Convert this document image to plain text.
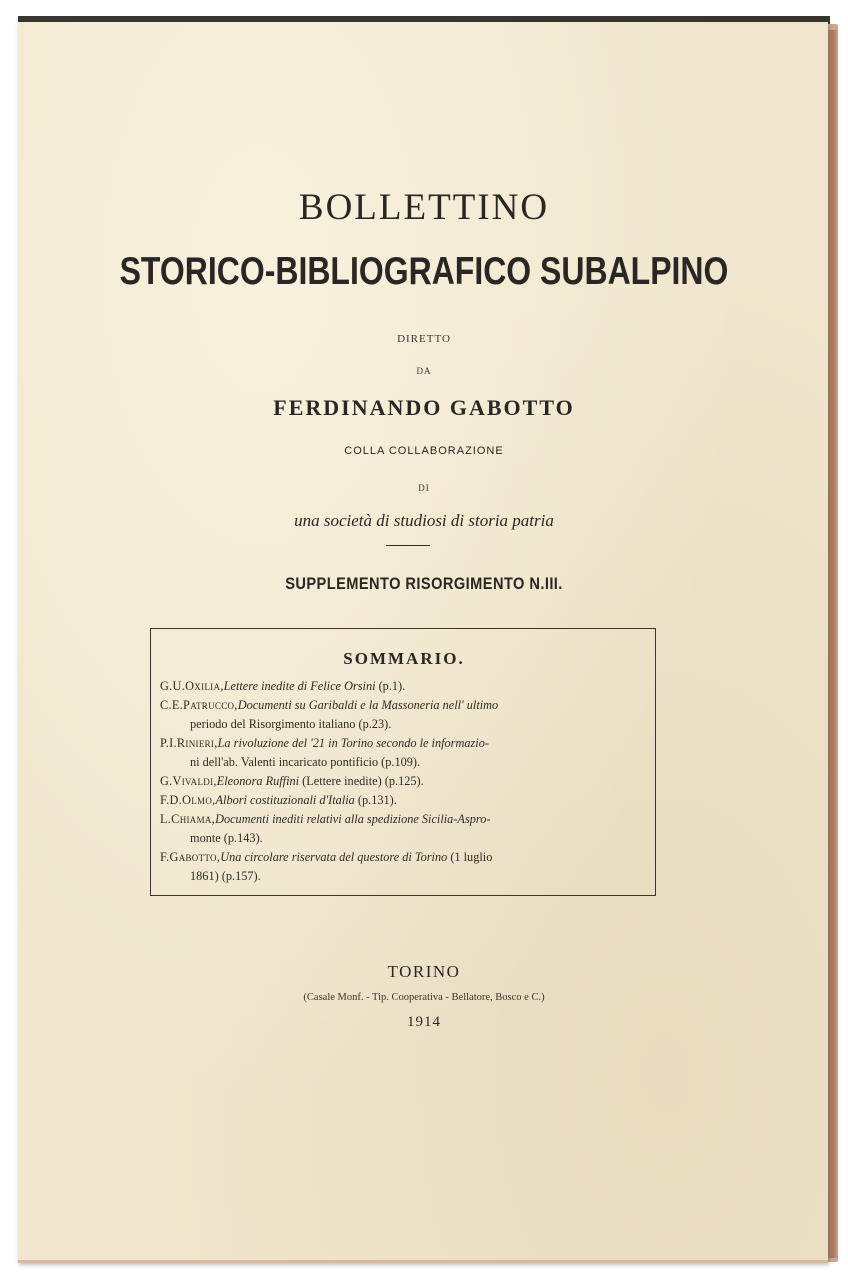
BOLLETTINO
STORICO-BIBLIOGRAFICO SUBALPINO
DIRETTO
DA
FERDINANDO GABOTTO
COLLA COLLABORAZIONE
DI
una società di studiosi di storia patria
SUPPLEMENTO RISORGIMENTO N.III.
SOMMARIO.

G.U.Oxilia,Lettere inedite di Felice Orsini (p.1).

C.E.Patrucco,Documenti su Garibaldi e la Massoneria nell' ultimo
periodo del Risorgimento italiano (p.23).

P.I.Rinieri,La rivoluzione del '21 in Torino secondo le informazio-
ni dell'ab. Valenti incaricato pontificio (p.109).

G.Vivaldi,Eleonora Ruffini (Lettere inedite) (p.125).

F.D.Olmo,Albori costituzionali d'Italia (p.131).

L.Chiama,Documenti inediti relativi alla spedizione Sicilia-Aspro-
monte (p.143).

F.Gabotto,Una circolare riservata del questore di Torino (1 luglio
1861) (p.157).

TORINO
(Casale Monf. - Tip. Cooperativa - Bellatore, Bosco e C.)
1914
